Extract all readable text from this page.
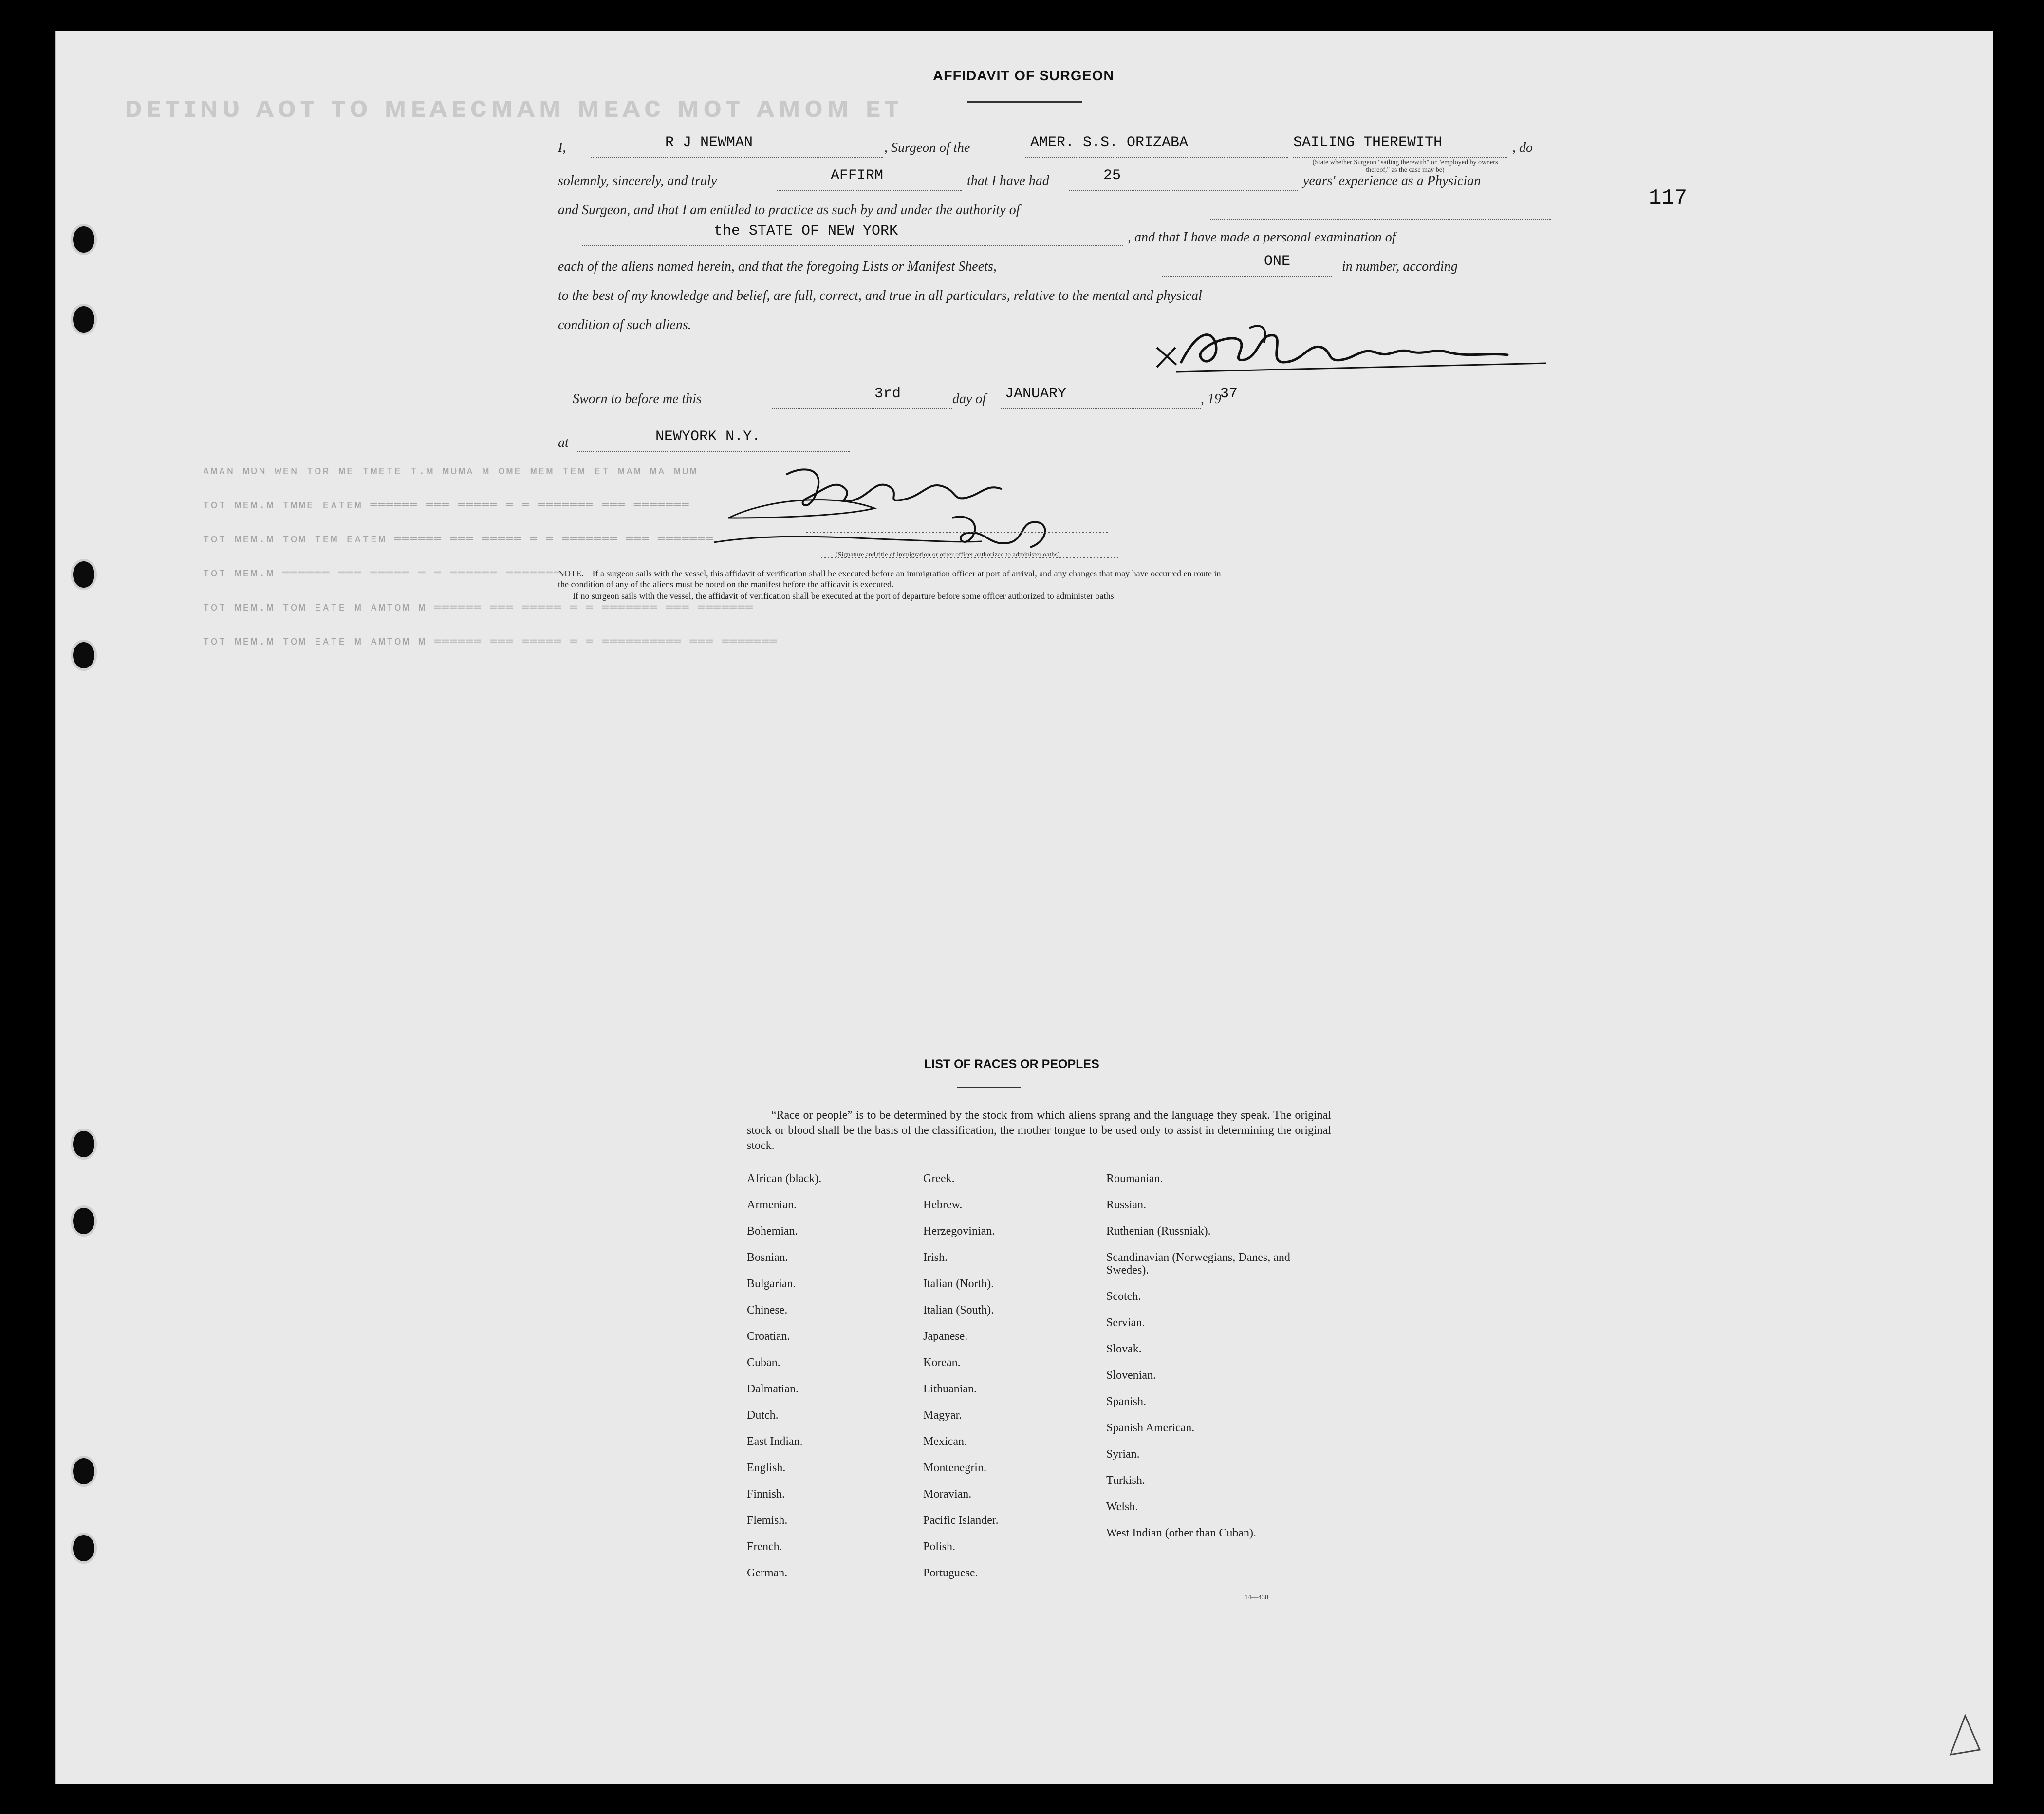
ᴀᴍᴀɴ ᴍᴜɴ ᴡᴇɴ ᴛᴏʀ ᴍᴇ ᴛᴍᴇᴛᴇ ᴛ.ᴍ ᴍᴜᴍᴀ ᴍ ᴏᴍᴇ ᴍᴇᴍ ᴛᴇᴍ ᴇᴛ ᴍᴀᴍ ᴍᴀ ᴍᴜᴍ
ᴛᴏᴛ ᴍᴇᴍ.ᴍ ᴛᴍᴍᴇ ᴇᴀᴛᴇᴍ ══════ ═══ ═════ ═ ═ ═══════ ═══ ═══════
ᴛᴏᴛ ᴍᴇᴍ.ᴍ ᴛᴏᴍ ᴛᴇᴍ ᴇᴀᴛᴇᴍ ══════ ═══ ═════ ═ ═ ═══════ ═══ ═══════
ᴛᴏᴛ ᴍᴇᴍ.ᴍ ══════ ═══ ═════ ═ ═ ══════ ═══════
ᴛᴏᴛ ᴍᴇᴍ.ᴍ ᴛᴏᴍ ᴇᴀᴛᴇ ᴍ ᴀᴍᴛᴏᴍ ᴍ ══════ ═══ ═════ ═ ═ ═══════ ═══ ═══════
ᴛᴏᴛ ᴍᴇᴍ.ᴍ ᴛᴏᴍ ᴇᴀᴛᴇ ᴍ ᴀᴍᴛᴏᴍ ᴍ ══════ ═══ ═════ ═ ═ ══════════ ═══ ═══════
ᴅᴇᴛɪɴᴜ ᴀᴏᴛ ᴛᴏ ᴍᴇᴀᴇᴄᴍᴀᴍ ᴍᴇᴀᴄ ᴍᴏᴛ ᴀᴍᴏᴍ ᴇᴛ
117
AFFIDAVIT OF SURGEON
I,	R J NEWMAN	, Surgeon of the	AMER. S.S. ORIZABA	SAILING THEREWITH
(State whether Surgeon "sailing therewith" or "employed by owners thereof," as the case may be)
, do
solemnly, sincerely, and truly	AFFIRM	that I have had	25	years' experience as a Physician
and Surgeon, and that I am entitled to practice as such by and under the authority of
the STATE OF NEW YORK	, and that I have made a personal examination of
each of the aliens named herein, and that the foregoing Lists or Manifest Sheets,	ONE	in number, according
to the best of my knowledge and belief, are full, correct, and true in all particulars, relative to the mental and physical
condition of such aliens.
Sworn to before me this	3rd	day of JANUARY	, 19
37
at	NEWYORK N.Y.
(Signature and title of immigration or other officer authorized to administer oaths)
NOTE.—If a surgeon sails with the vessel, this affidavit of verification shall be executed before an immigration officer at port of arrival, and any changes that may have occurred en route in
the condition of any of the aliens must be noted on the manifest before the affidavit is executed.
If no surgeon sails with the vessel, the affidavit of verification shall be executed at the port of departure before some officer authorized to administer oaths.
LIST OF RACES OR PEOPLES
“Race or people” is to be determined by the stock from which aliens sprang and the language they speak. The original stock or blood shall be the basis of the classification, the mother tongue to be used only to assist in determining the original stock.
African (black).
Armenian.
Bohemian.
Bosnian.
Bulgarian.
Chinese.
Croatian.
Cuban.
Dalmatian.
Dutch.
East Indian.
English.
Finnish.
Flemish.
French.
German.
Greek.
Hebrew.
Herzegovinian.
Irish.
Italian (North).
Italian (South).
Japanese.
Korean.
Lithuanian.
Magyar.
Mexican.
Montenegrin.
Moravian.
Pacific Islander.
Polish.
Portuguese.
Roumanian.
Russian.
Ruthenian (Russniak).
Scandinavian (Norwegians, Danes, and Swedes).
Scotch.
Servian.
Slovak.
Slovenian.
Spanish.
Spanish American.
Syrian.
Turkish.
Welsh.
West Indian (other than Cuban).
14—430
